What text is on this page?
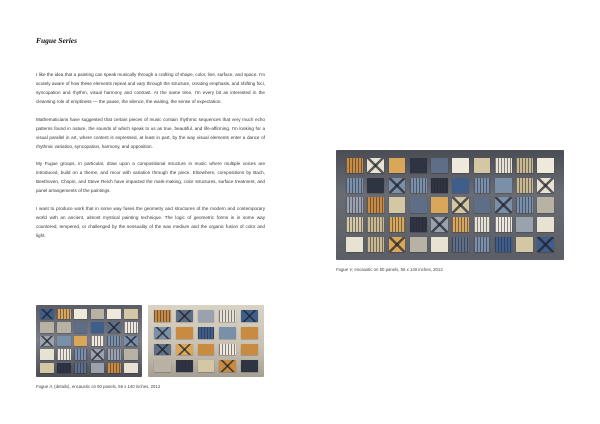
Fugue Series

I like the idea that a painting can speak musically through a crafting of shape, color, line, surface, and space. I'm acutely aware of how these elements repeat and vary through the structure, creating emphasis, and shifting foci, syncopation and rhythm, visual harmony and contrast. At the same time, I'm every bit as interested in the cleansing role of emptiness — the pause, the silence, the waiting, the sense of expectation.

Mathematicians have suggested that certain pieces of music contain rhythmic sequences that very much echo patterns found in nature, the sounds of which speak to us as true, beautiful, and life-affirming. I'm looking for a visual parallel in art, where content is expressed, at least in part, by the way visual elements enter a dance of rhythmic variation, syncopation, harmony, and opposition.

My Fugue groups, in particular, draw upon a compositional structure in music where multiple voices are introduced, build on a theme, and recur with variation through the piece. Elsewhere, compositions by Bach, Beethoven, Chopin, and Steve Reich have impacted the mark-making, color structures, surface treatment, and panel arrangements of the paintings.

I want to produce work that in some way fuses the geometry and structures of the modern and contemporary world with an ancient, almost mystical painting technique. The logic of geometric forms is in some way countered, tempered, or challenged by the sensuality of the wax medium and the organic fusion of color and light.

Fugue V, encaustic on 50 panels, 56 x 140 inches, 2012
Fugue II, (details), encaustic on 50 panels, 56 x 140 inches, 2012
